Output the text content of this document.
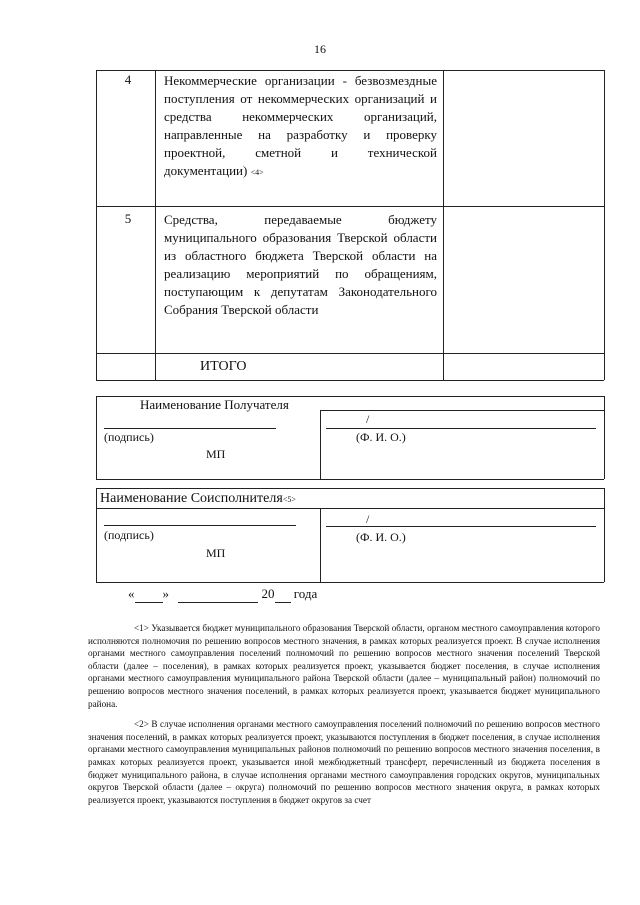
16
4	Некоммерческие организации - безвозмездные поступления от некоммерческих организаций и средства некоммерческих организаций, направленные на разработку и проверку проектной, сметной и технической документации) <4>
5	Средства, передаваемые бюджету муниципального образования Тверской области из областного бюджета Тверской области на реализацию мероприятий по обращениям, поступающим к депутатам Законодательного Собрания Тверской области
ИТОГО
Наименование Получателя
/
(подпись)	(Ф. И. О.)
МП
Наименование Соисполнителя<5>
/
(подпись)	(Ф. И. О.)
МП
« »	20 года

<1> Указывается бюджет муниципального образования Тверской области, органом местного самоуправления которого исполняются полномочия по решению вопросов местного значения, в рамках которых реализуется проект. В случае исполнения органами местного самоуправления поселений полномочий по решению вопросов местного значения поселений Тверской области (далее – поселения), в рамках которых реализуется проект, указывается бюджет поселения, в случае исполнения органами местного самоуправления муниципального района Тверской области (далее – муниципальный район) полномочий по решению вопросов местного значения поселений, в рамках которых реализуется проект, указывается бюджет муниципального района.

<2> В случае исполнения органами местного самоуправления поселений полномочий по решению вопросов местного значения поселений, в рамках которых реализуется проект, указываются поступления в бюджет поселения, в случае исполнения органами местного самоуправления муниципальных районов полномочий по решению вопросов местного значения поселения, в рамках которых реализуется проект, указывается иной межбюджетный трансферт, перечисленный из бюджета поселения в бюджет муниципального района, в случае исполнения органами местного самоуправления городских округов, муниципальных округов Тверской области (далее – округа) полномочий по решению вопросов местного значения округа, в рамках которых реализуется проект, указываются поступления в бюджет округов за счет
